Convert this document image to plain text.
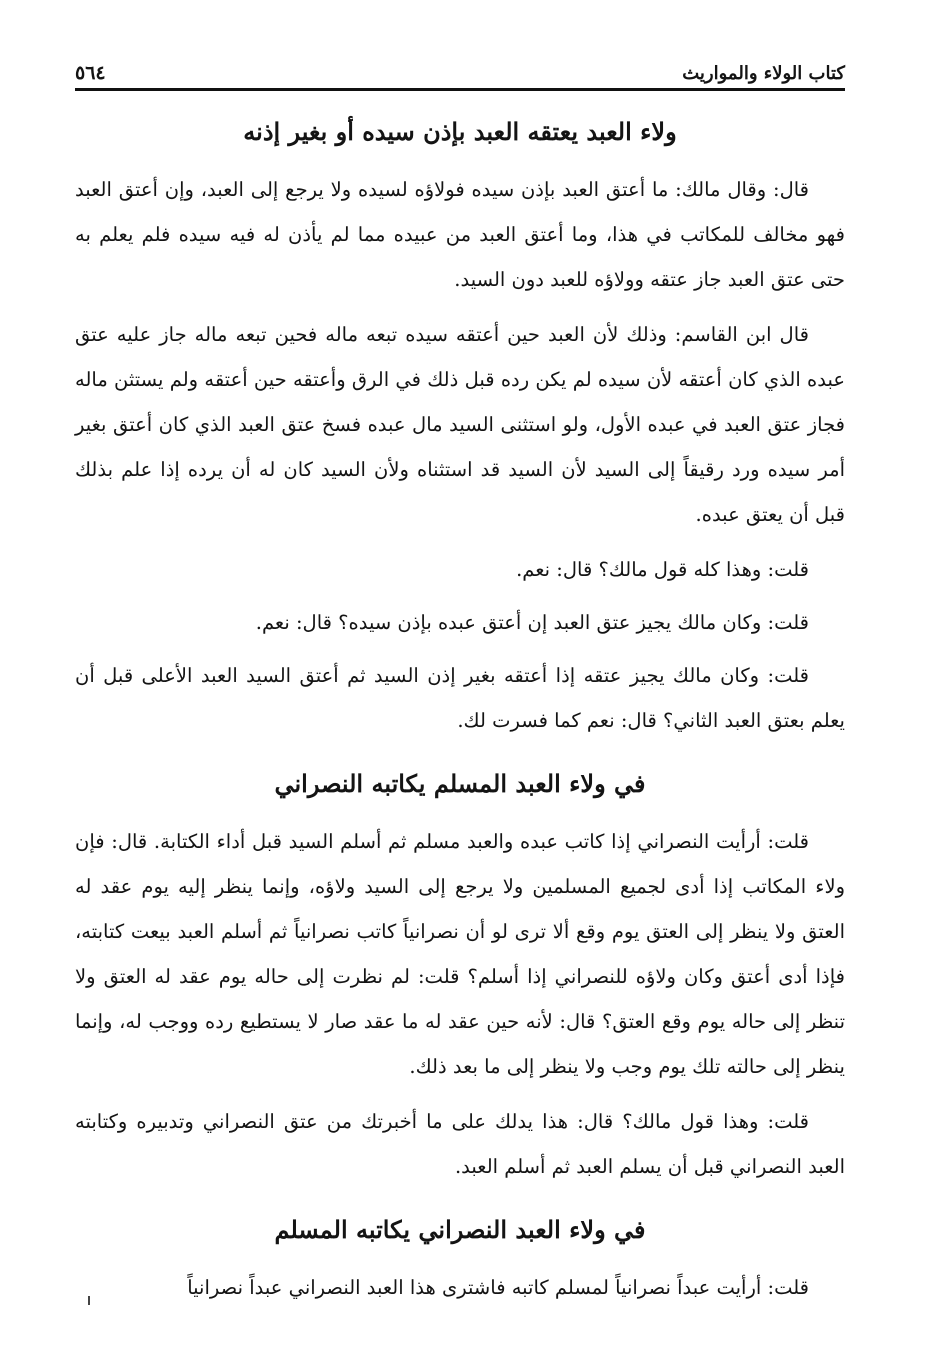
كتاب الولاء والمواريث
٥٦٤
ولاء العبد يعتقه العبد بإذن سيده أو بغير إذنه

قال: وقال مالك: ما أعتق العبد بإذن سيده فولاؤه لسيده ولا يرجع إلى العبد، وإن أعتق العبد فهو مخالف للمكاتب في هذا، وما أعتق العبد من عبيده مما لم يأذن له فيه سيده فلم يعلم به حتى عتق العبد جاز عتقه وولاؤه للعبد دون السيد.

قال ابن القاسم: وذلك لأن العبد حين أعتقه سيده تبعه ماله فحين تبعه ماله جاز عليه عتق عبده الذي كان أعتقه لأن سيده لم يكن رده قبل ذلك في الرق وأعتقه حين أعتقه ولم يستثن ماله فجاز عتق العبد في عبده الأول، ولو استثنى السيد مال عبده فسخ عتق العبد الذي كان أعتق بغير أمر سيده ورد رقيقاً إلى السيد لأن السيد قد استثناه ولأن السيد كان له أن يرده إذا علم بذلك قبل أن يعتق عبده.

قلت: وهذا كله قول مالك؟ قال: نعم.

قلت: وكان مالك يجيز عتق العبد إن أعتق عبده بإذن سيده؟ قال: نعم.

قلت: وكان مالك يجيز عتقه إذا أعتقه بغير إذن السيد ثم أعتق السيد العبد الأعلى قبل أن يعلم بعتق العبد الثاني؟ قال: نعم كما فسرت لك.

في ولاء العبد المسلم يكاتبه النصراني

قلت: أرأيت النصراني إذا كاتب عبده والعبد مسلم ثم أسلم السيد قبل أداء الكتابة. قال: فإن ولاء المكاتب إذا أدى لجميع المسلمين ولا يرجع إلى السيد ولاؤه، وإنما ينظر إليه يوم عقد له العتق ولا ينظر إلى العتق يوم وقع ألا ترى لو أن نصرانياً كاتب نصرانياً ثم أسلم العبد بيعت كتابته، فإذا أدى أعتق وكان ولاؤه للنصراني إذا أسلم؟ قلت: لم نظرت إلى حاله يوم عقد له العتق ولا تنظر إلى حاله يوم وقع العتق؟ قال: لأنه حين عقد له ما عقد صار لا يستطيع رده ووجب له، وإنما ينظر إلى حالته تلك يوم وجب ولا ينظر إلى ما بعد ذلك.

قلت: وهذا قول مالك؟ قال: هذا يدلك على ما أخبرتك من عتق النصراني وتدبيره وكتابته العبد النصراني قبل أن يسلم العبد ثم أسلم العبد.

في ولاء العبد النصراني يكاتبه المسلم

قلت: أرأيت عبداً نصرانياً لمسلم كاتبه فاشترى هذا العبد النصراني عبداً نصرانياً
